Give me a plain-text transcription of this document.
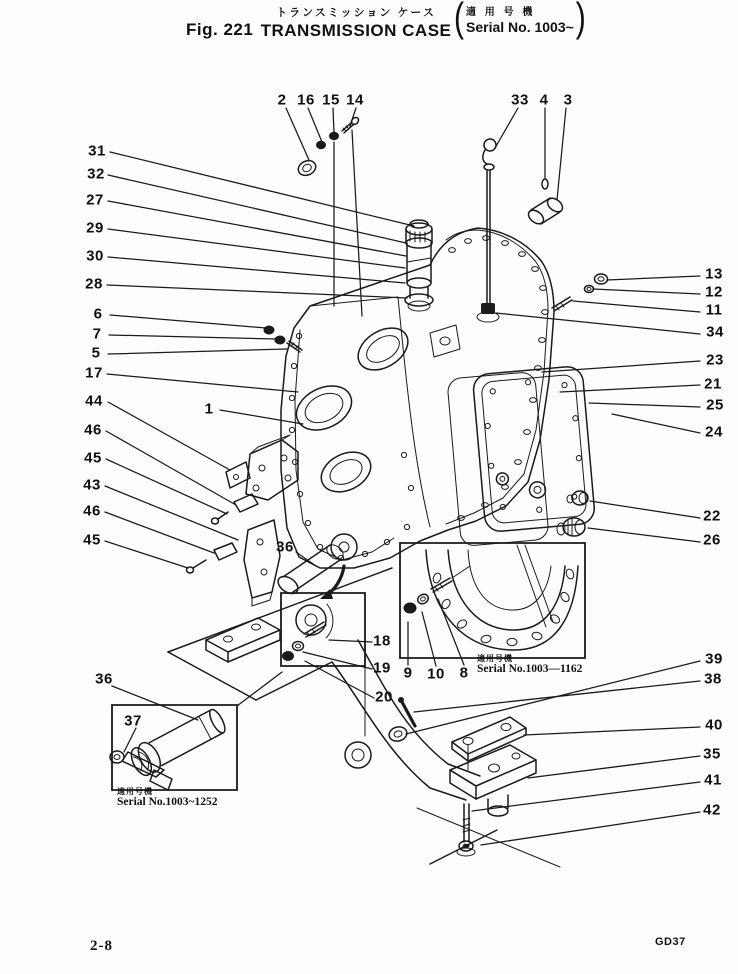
Fig. 221
トランスミッション ケース
TRANSMISSION CASE ( 適 用 号 機
Serial No. 1003~ )
2 16 15 14	33 4 3
31
32
27
29
30
28
6
7
5
17
44
46
45
43
46
45
1
36
13
12
11
34
23
21
25
24
22
26
18
19
20
9 10 8
36
37
39
38
40
35
41
42
適用号機
Serial No.1003—1162
適用号機
Serial No.1003~1252
2-8	GD37
